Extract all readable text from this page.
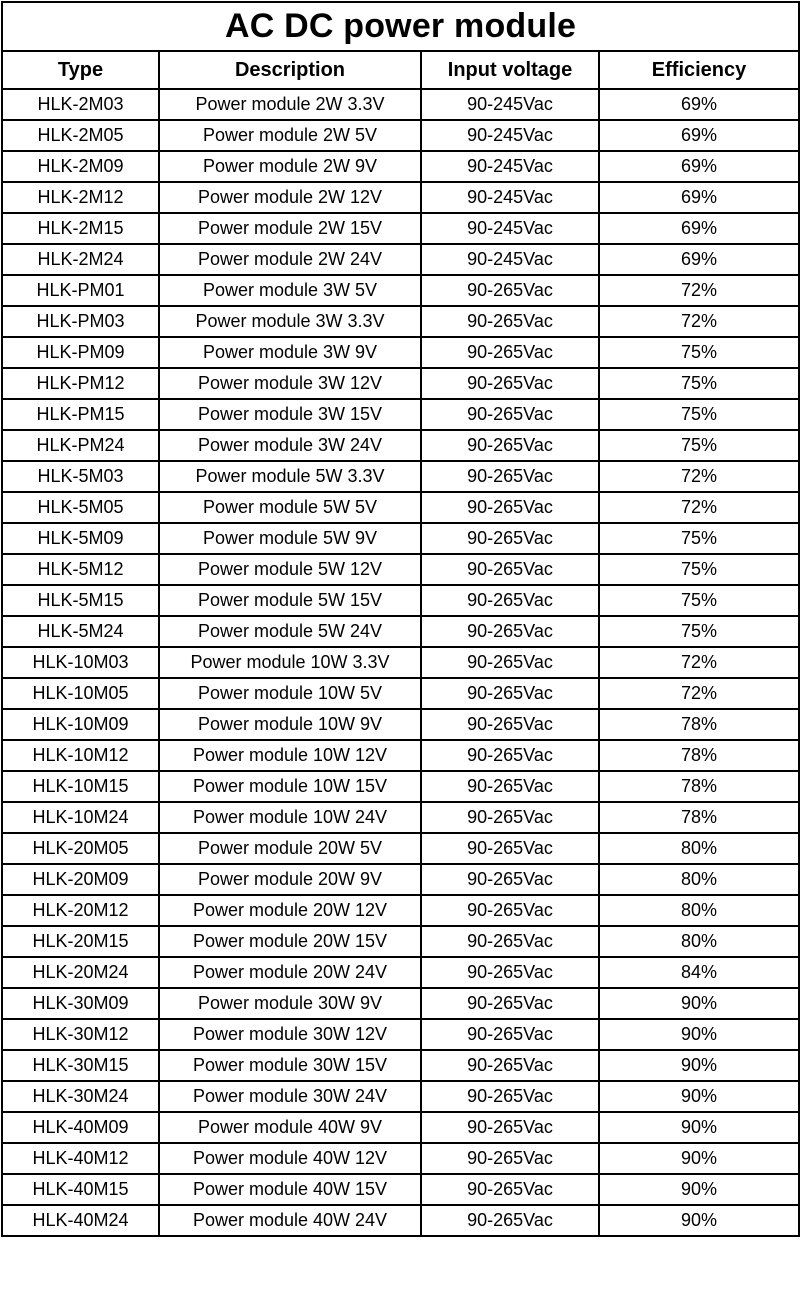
AC DC power module			
Type	Description	Input voltage	Efficiency
HLK-2M03	Power module 2W 3.3V	90-245Vac	69%
HLK-2M05	Power module 2W 5V	90-245Vac	69%
HLK-2M09	Power module 2W 9V	90-245Vac	69%
HLK-2M12	Power module 2W 12V	90-245Vac	69%
HLK-2M15	Power module 2W 15V	90-245Vac	69%
HLK-2M24	Power module 2W 24V	90-245Vac	69%
HLK-PM01	Power module 3W 5V	90-265Vac	72%
HLK-PM03	Power module 3W 3.3V	90-265Vac	72%
HLK-PM09	Power module 3W 9V	90-265Vac	75%
HLK-PM12	Power module 3W 12V	90-265Vac	75%
HLK-PM15	Power module 3W 15V	90-265Vac	75%
HLK-PM24	Power module 3W 24V	90-265Vac	75%
HLK-5M03	Power module 5W 3.3V	90-265Vac	72%
HLK-5M05	Power module 5W 5V	90-265Vac	72%
HLK-5M09	Power module 5W 9V	90-265Vac	75%
HLK-5M12	Power module 5W 12V	90-265Vac	75%
HLK-5M15	Power module 5W 15V	90-265Vac	75%
HLK-5M24	Power module 5W 24V	90-265Vac	75%
HLK-10M03	Power module 10W 3.3V	90-265Vac	72%
HLK-10M05	Power module 10W 5V	90-265Vac	72%
HLK-10M09	Power module 10W 9V	90-265Vac	78%
HLK-10M12	Power module 10W 12V	90-265Vac	78%
HLK-10M15	Power module 10W 15V	90-265Vac	78%
HLK-10M24	Power module 10W 24V	90-265Vac	78%
HLK-20M05	Power module 20W 5V	90-265Vac	80%
HLK-20M09	Power module 20W 9V	90-265Vac	80%
HLK-20M12	Power module 20W 12V	90-265Vac	80%
HLK-20M15	Power module 20W 15V	90-265Vac	80%
HLK-20M24	Power module 20W 24V	90-265Vac	84%
HLK-30M09	Power module 30W 9V	90-265Vac	90%
HLK-30M12	Power module 30W 12V	90-265Vac	90%
HLK-30M15	Power module 30W 15V	90-265Vac	90%
HLK-30M24	Power module 30W 24V	90-265Vac	90%
HLK-40M09	Power module 40W 9V	90-265Vac	90%
HLK-40M12	Power module 40W 12V	90-265Vac	90%
HLK-40M15	Power module 40W 15V	90-265Vac	90%
HLK-40M24	Power module 40W 24V	90-265Vac	90%
